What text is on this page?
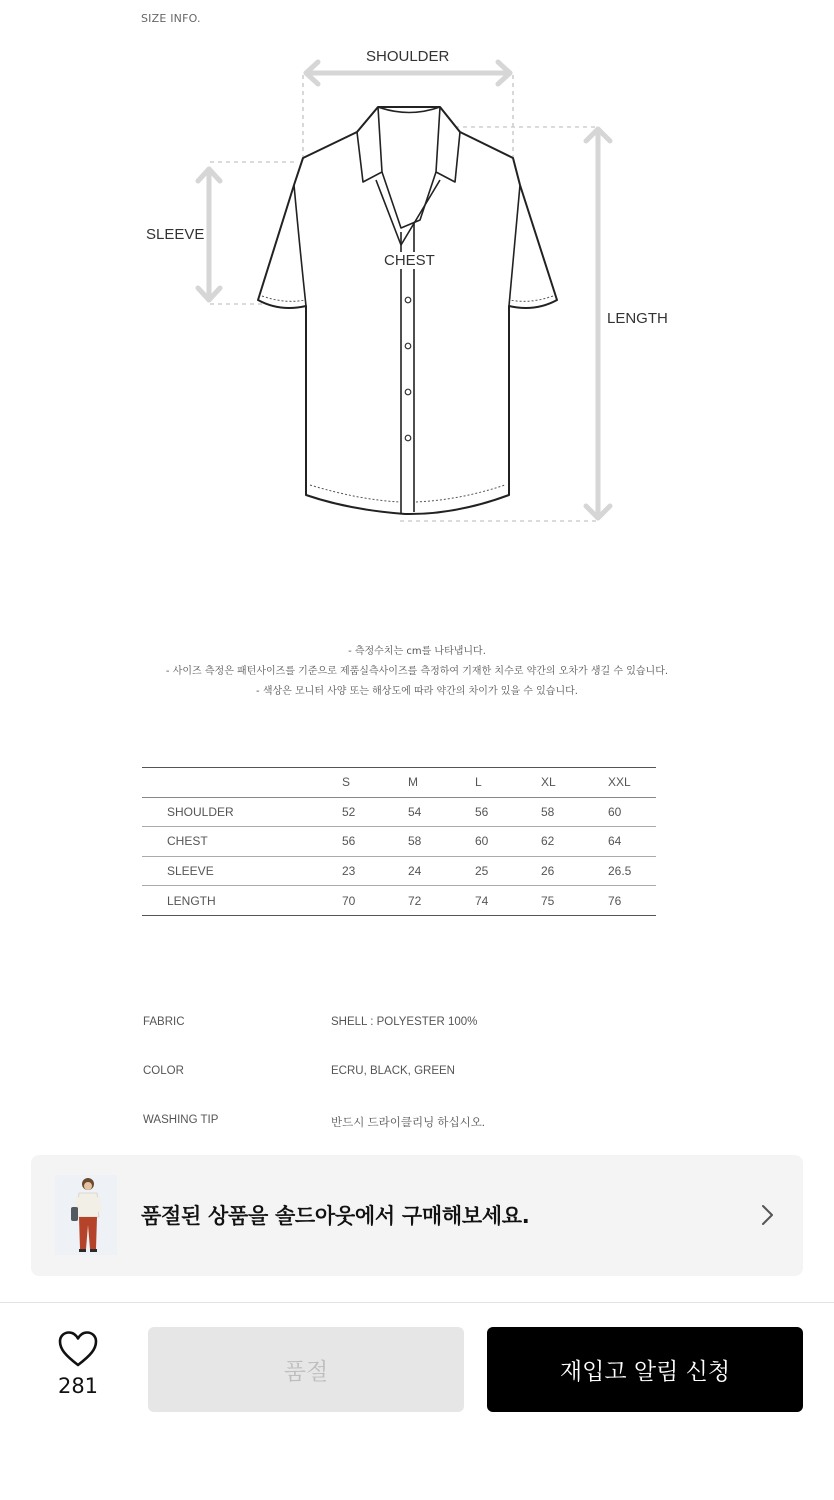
SIZE INFO.
SHOULDER
SLEEVE
CHEST
LENGTH
- 측정수치는 cm를 나타냅니다.
- 사이즈 측정은 패턴사이즈를 기준으로 제품실측사이즈를 측정하여 기재한 치수로 약간의 오차가 생길 수 있습니다.
- 색상은 모니터 사양 또는 해상도에 따라 약간의 차이가 있을 수 있습니다.
	S	M	L	XL	XXL
SHOULDER	52	54	56	58	60
CHEST	56	58	60	62	64
SLEEVE	23	24	25	26	26.5
LENGTH	70	72	74	75	76
FABRIC	SHELL : POLYESTER 100%
COLOR	ECRU, BLACK, GREEN
WASHING TIP	반드시 드라이클리닝 하십시오.
품절된 상품을 솔드아웃에서 구매해보세요.
281
품절	재입고 알림 신청
